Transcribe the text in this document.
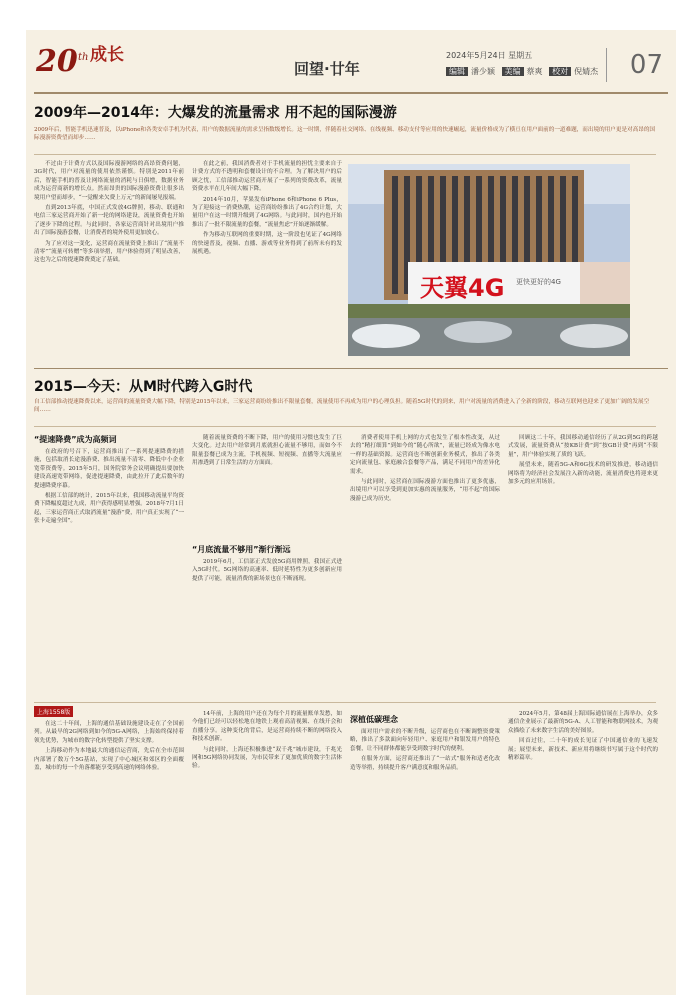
20 th 成长
回望·廿年
2024年5月24日 星期五
编辑 潘少颖 美编 蔡爽 校对 倪婧杰	07
2009年—2014年：大爆发的流量需求 用不起的国际漫游
2009年后，智能手机迅速普及，以iPhone和各类安卓手机为代表，用户的数据流量的需求呈指数级增长。这一时期，伴随着社交网络、在线视频、移动支付等应用的快速崛起，流量价格成为了横亘在用户面前的一道难题，而出境的用户更是对高昂的国际漫游资费望而却步……

不过由于计费方式以及国际漫游网络的高昂资费问题，3G时代，用户对流量的使用依然谨慎。特别是2011年前后，智能手机的普及让网络流量的消耗与日俱增，数据业务成为运营商新的增长点。然而昂贵的国际漫游资费让很多出境用户望而却步，“一觉醒来欠费上万元”的新闻屡见报端。

直到2013年底，中国正式发放4G牌照，移动、联通和电信三家运营商开始了新一轮的网络建设，流量资费也开始了逐步下降的过程。与此同时，各家运营商针对出境用户推出了国际漫游套餐，让消费者的境外使用更加放心。

为了应对这一变化，运营商在流量资费上推出了“流量不清零”“流量可转赠”等多项举措，用户体验得到了明显改善，这也为之后的提速降费奠定了基础。

在此之前，我国消费者对于手机流量的担忧主要来自于计费方式的不透明和套餐设计的不合理。为了解决用户的后顾之忧，工信部推动运营商开展了一系列的资费改革，流量资费水平在几年间大幅下降。

2014年10月，苹果发布iPhone 6和iPhone 6 Plus，为了迎接这一消费热潮，运营商纷纷推出了4G合约计划，大量用户在这一时期升级到了4G网络。与此同时，国内也开始推出了一批不限流量的套餐，“流量焦虑”开始逐渐缓解。

作为移动互联网的重要时期，这一阶段也见证了4G网络的快速普及，视频、直播、游戏等业务得到了前所未有的发展机遇。

天翼4G 更快更好的4G
2015—今天：从M时代跨入G时代
自工信部推动提速降费以来，运营商的流量资费大幅下降，特别是2015年以来，三家运营商纷纷推出不限量套餐，流量使用不再成为用户的心理负担。随着5G时代的到来，用户对流量的消费进入了全新的阶段，移动互联网也迎来了更加广阔的发展空间……
“提速降费”成为高频词

在政府的号召下，运营商推出了一系列提速降费的措施，包括取消长途漫游费、推出流量不清零、降低中小企业宽带资费等。2015年5月，国务院常务会议明确提出要加快建设高速宽带网络，促进提速降费，由此拉开了此后数年的提速降费序幕。

根据工信部的统计，2015年以来，我国移动流量平均资费下降幅度超过九成，用户获得感明显增强。2018年7月1日起，三家运营商正式取消流量“漫游”费，用户真正实现了“一张卡走遍全国”。

随着流量资费的不断下降，用户的使用习惯也发生了巨大变化。过去用户经常到月底就担心流量不够用，而如今不限量套餐已成为主流，手机视频、短视频、直播等大流量应用渗透到了日常生活的方方面面。

“月底流量不够用”渐行渐远

2019年6月，工信部正式发放5G商用牌照，我国正式进入5G时代。5G网络的高速率、低时延特性为更多创新应用提供了可能，流量消费的新场景也在不断涌现。

消费者使用手机上网的方式也发生了根本性改变，从过去的“精打细算”到如今的“随心所欲”，流量已经成为像水电一样的基础资源。运营商也不断创新业务模式，推出了各类定向流量包、家庭融合套餐等产品，满足不同用户的差异化需求。

与此同时，运营商在国际漫游方面也推出了更多优惠，出境用户可以享受到更加实惠的流量服务，“用不起”的国际漫游已成为历史。

回顾这二十年，我国移动通信经历了从2G到5G的跨越式发展，流量资费从“按KB计费”到“按GB计费”再到“不限量”，用户体验实现了质的飞跃。

展望未来，随着5G-A和6G技术的研发推进，移动通信网络将为经济社会发展注入新的动能，流量消费也将迎来更加多元的应用场景。

上海1558版

在这二十年间，上海的通信基础设施建设走在了全国前列。从最早的2G网络到如今的5G-A网络，上海始终保持着领先优势，为城市的数字化转型提供了坚实支撑。

上海移动作为本地最大的通信运营商，先后在全市范围内部署了数万个5G基站，实现了中心城区和郊区的全面覆盖，城市的每一个角落都能享受到高速的网络体验。

14年前，上海的用户还在为每个月的流量账单发愁，如今他们已经可以轻松地在地铁上观看高清视频、在线开会和直播分享。这种变化的背后，是运营商持续不断的网络投入和技术创新。

与此同时，上海还积极推进“双千兆”城市建设，千兆光网和5G网络协同发展，为市民带来了更加优质的数字生活体验。

深植低碳理念

面对用户需求的不断升级，运营商也在不断调整资费策略，推出了多款面向年轻用户、家庭用户和银发用户的特色套餐，让不同群体都能享受到数字时代的便利。

在服务方面，运营商还推出了“一站式”服务和适老化改造等举措，持续提升客户满意度和服务品质。

2024年5月，第48届上海国际通信展在上海举办，众多通信企业展示了最新的5G-A、人工智能和物联网技术，为观众描绘了未来数字生活的美好图景。

回首过往，二十年的成长见证了中国通信业的飞速发展；展望未来，新技术、新应用将继续书写属于这个时代的精彩篇章。
